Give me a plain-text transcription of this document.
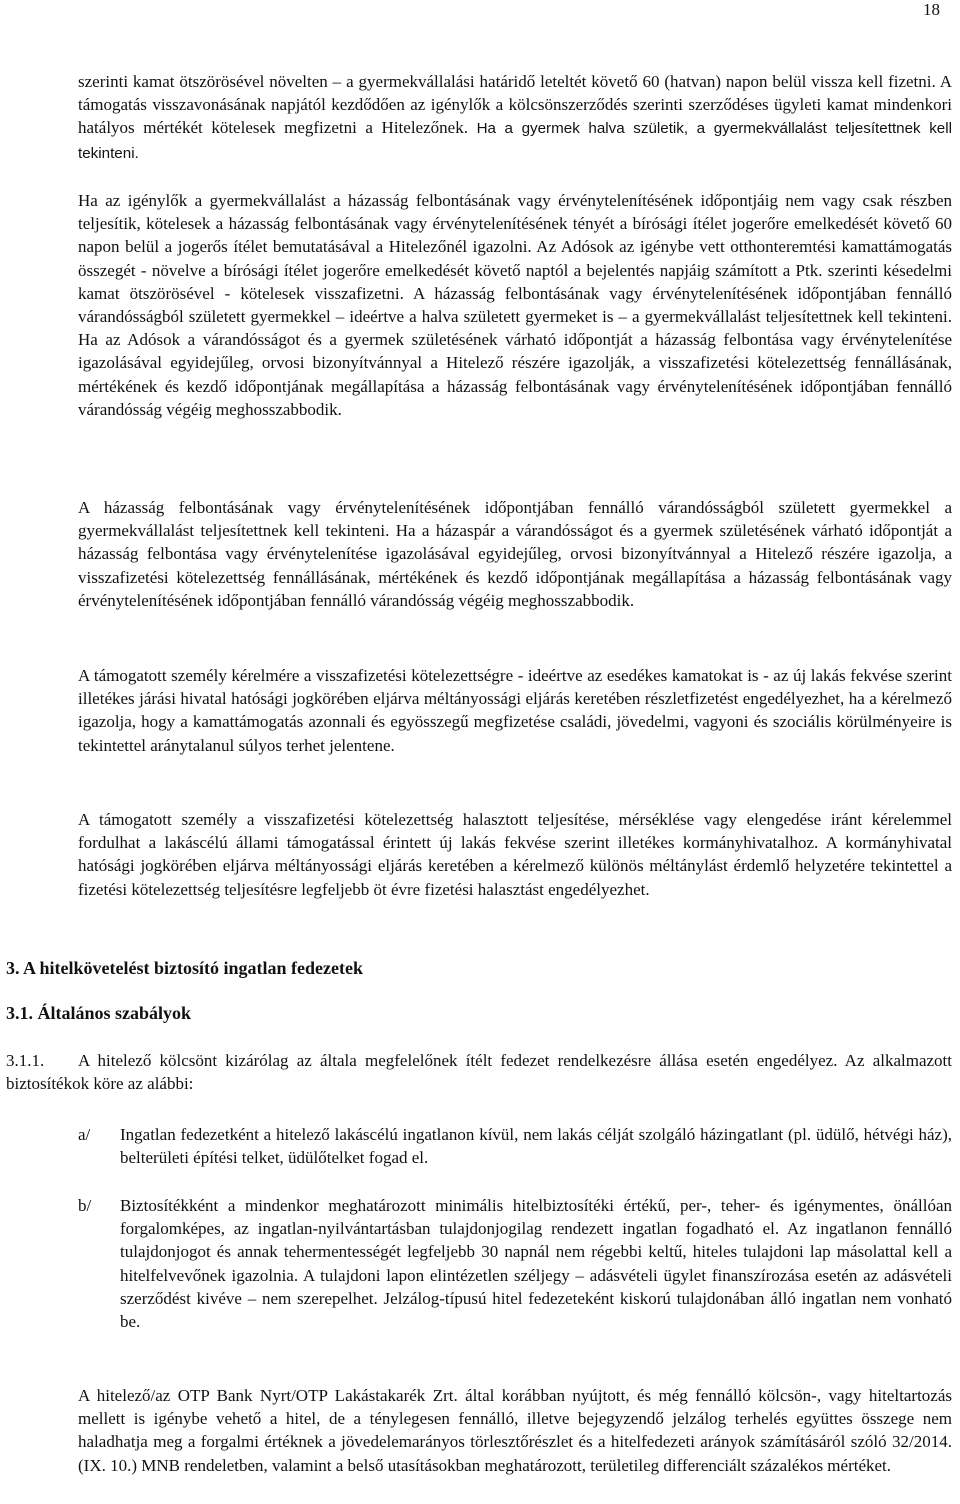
18

szerinti kamat ötszörösével növelten – a gyermekvállalási határidő leteltét követő 60 (hatvan) napon belül vissza kell fizetni. A támogatás visszavonásának napjától kezdődően az igénylők a kölcsönszerződés szerinti szerződéses ügyleti kamat mindenkori hatályos mértékét kötelesek megfizetni a Hitelezőnek. Ha a gyermek halva születik, a gyermekvállalást teljesítettnek kell tekinteni.

Ha az igénylők a gyermekvállalást a házasság felbontásának vagy érvénytelenítésének időpontjáig nem vagy csak részben teljesítik, kötelesek a házasság felbontásának vagy érvénytelenítésének tényét a bírósági ítélet jogerőre emelkedését követő 60 napon belül a jogerős ítélet bemutatásával a Hitelezőnél igazolni. Az Adósok az igénybe vett otthonteremtési kamattámogatás összegét - növelve a bírósági ítélet jogerőre emelkedését követő naptól a bejelentés napjáig számított a Ptk. szerinti késedelmi kamat ötszörösével - kötelesek visszafizetni. A házasság felbontásának vagy érvénytelenítésének időpontjában fennálló várandósságból született gyermekkel – ideértve a halva született gyermeket is – a gyermekvállalást teljesítettnek kell tekinteni. Ha az Adósok a várandósságot és a gyermek születésének várható időpontját a házasság felbontása vagy érvénytelenítése igazolásával egyidejűleg, orvosi bizonyítvánnyal a Hitelező részére igazolják, a visszafizetési kötelezettség fennállásának, mértékének és kezdő időpontjának megállapítása a házasság felbontásának vagy érvénytelenítésének időpontjában fennálló várandósság végéig meghosszabbodik.

A házasság felbontásának vagy érvénytelenítésének időpontjában fennálló várandósságból született gyermekkel a gyermekvállalást teljesítettnek kell tekinteni. Ha a házaspár a várandósságot és a gyermek születésének várható időpontját a házasság felbontása vagy érvénytelenítése igazolásával egyidejűleg, orvosi bizonyítvánnyal a Hitelező részére igazolja, a visszafizetési kötelezettség fennállásának, mértékének és kezdő időpontjának megállapítása a házasság felbontásának vagy érvénytelenítésének időpontjában fennálló várandósság végéig meghosszabbodik.

A támogatott személy kérelmére a visszafizetési kötelezettségre - ideértve az esedékes kamatokat is - az új lakás fekvése szerint illetékes járási hivatal hatósági jogkörében eljárva méltányossági eljárás keretében részletfizetést engedélyezhet, ha a kérelmező igazolja, hogy a kamattámogatás azonnali és egyösszegű megfizetése családi, jövedelmi, vagyoni és szociális körülményeire is tekintettel aránytalanul súlyos terhet jelentene.

A támogatott személy a visszafizetési kötelezettség halasztott teljesítése, mérséklése vagy elengedése iránt kérelemmel fordulhat a lakáscélú állami támogatással érintett új lakás fekvése szerint illetékes kormányhivatalhoz. A kormányhivatal hatósági jogkörében eljárva méltányossági eljárás keretében a kérelmező különös méltánylást érdemlő helyzetére tekintettel a fizetési kötelezettség teljesítésre legfeljebb öt évre fizetési halasztást engedélyezhet.

3. A hitelkövetelést biztosító ingatlan fedezetek
3.1. Általános szabályok

3.1.1. A hitelező kölcsönt kizárólag az általa megfelelőnek ítélt fedezet rendelkezésre állása esetén engedélyez. Az alkalmazott biztosítékok köre az alábbi:

a/ Ingatlan fedezetként a hitelező lakáscélú ingatlanon kívül, nem lakás célját szolgáló házingatlant (pl. üdülő, hétvégi ház), belterületi építési telket, üdülőtelket fogad el.

b/ Biztosítékként a mindenkor meghatározott minimális hitelbiztosítéki értékű, per-, teher- és igénymentes, önállóan forgalomképes, az ingatlan-nyilvántartásban tulajdonjogilag rendezett ingatlan fogadható el. Az ingatlanon fennálló tulajdonjogot és annak tehermentességét legfeljebb 30 napnál nem régebbi keltű, hiteles tulajdoni lap másolattal kell a hitelfelvevőnek igazolnia. A tulajdoni lapon elintézetlen széljegy – adásvételi ügylet finanszírozása esetén az adásvételi szerződést kivéve – nem szerepelhet. Jelzálog-típusú hitel fedezeteként kiskorú tulajdonában álló ingatlan nem vonható be.

A hitelező/az OTP Bank Nyrt/OTP Lakástakarék Zrt. által korábban nyújtott, és még fennálló kölcsön-, vagy hiteltartozás mellett is igénybe vehető a hitel, de a ténylegesen fennálló, illetve bejegyzendő jelzálog terhelés együttes összege nem haladhatja meg a forgalmi értéknek a jövedelemarányos törlesztőrészlet és a hitelfedezeti arányok számításáról szóló 32/2014. (IX. 10.) MNB rendeletben, valamint a belső utasításokban meghatározott, területileg differenciált százalékos mértéket.
